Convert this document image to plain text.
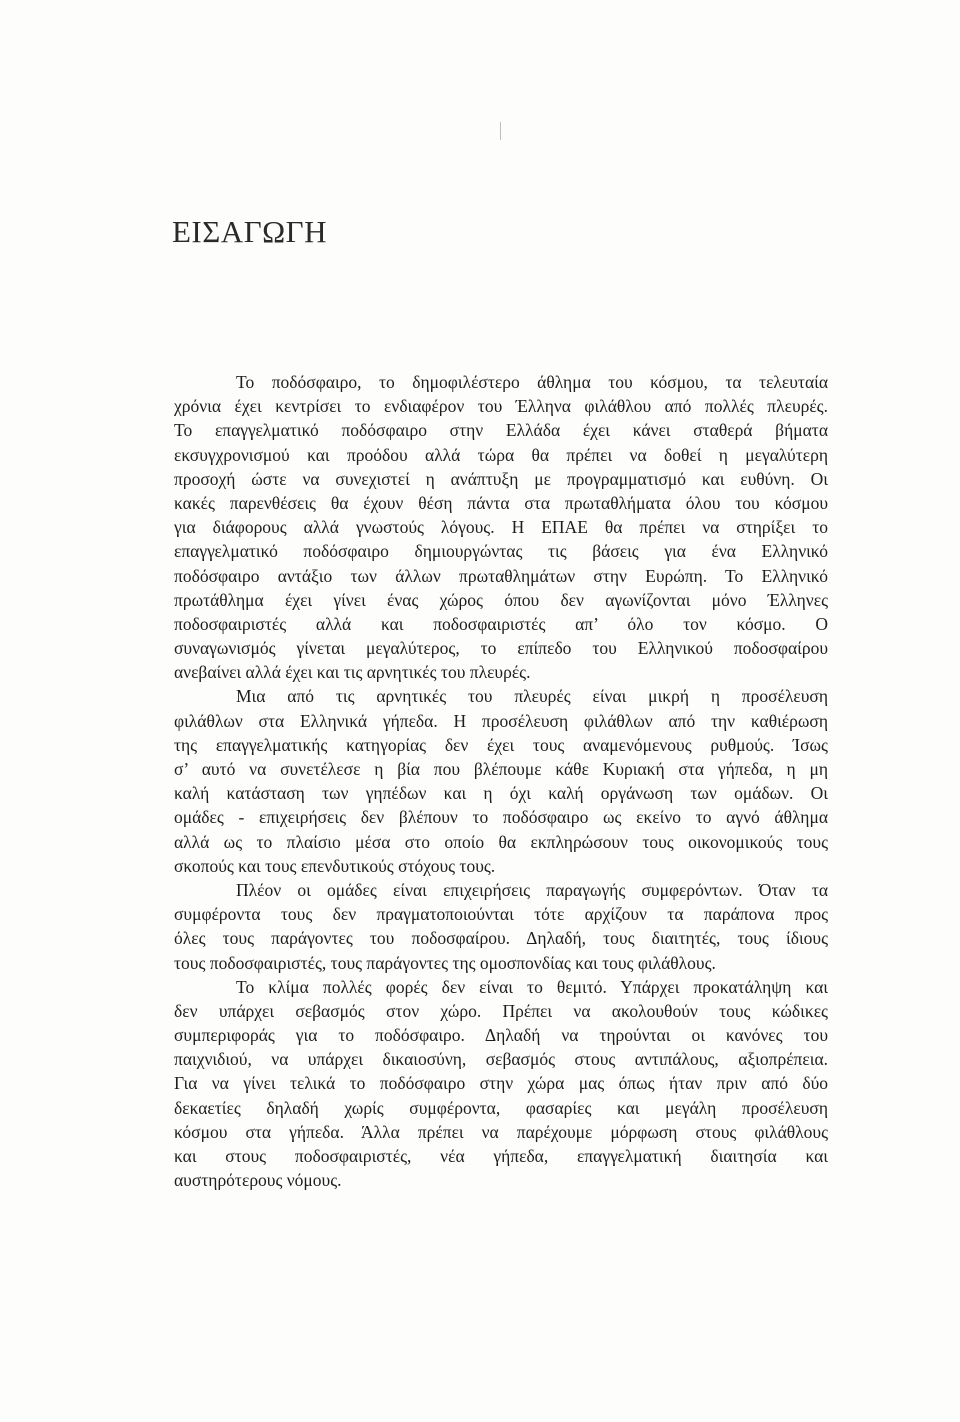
ΕΙΣΑΓΩΓΗ
Το ποδόσφαιρο, το δημοφιλέστερο άθλημα του κόσμου, τα τελευταία
χρόνια έχει κεντρίσει το ενδιαφέρον του Έλληνα φιλάθλου από πολλές πλευρές.
Το επαγγελματικό ποδόσφαιρο στην Ελλάδα έχει κάνει σταθερά βήματα
εκσυγχρονισμού και προόδου αλλά τώρα θα πρέπει να δοθεί η μεγαλύτερη
προσοχή ώστε να συνεχιστεί η ανάπτυξη με προγραμματισμό και ευθύνη. Οι
κακές παρενθέσεις θα έχουν θέση πάντα στα πρωταθλήματα όλου του κόσμου
για διάφορους αλλά γνωστούς λόγους. Η ΕΠΑΕ θα πρέπει να στηρίξει το
επαγγελματικό ποδόσφαιρο δημιουργώντας τις βάσεις για ένα Ελληνικό
ποδόσφαιρο αντάξιο των άλλων πρωταθλημάτων στην Ευρώπη. Το Ελληνικό
πρωτάθλημα έχει γίνει ένας χώρος όπου δεν αγωνίζονται μόνο Έλληνες
ποδοσφαιριστές αλλά και ποδοσφαιριστές απ’ όλο τον κόσμο. Ο
συναγωνισμός γίνεται μεγαλύτερος, το επίπεδο του Ελληνικού ποδοσφαίρου
ανεβαίνει αλλά έχει και τις αρνητικές του πλευρές.
Μια από τις αρνητικές του πλευρές είναι μικρή η προσέλευση
φιλάθλων στα Ελληνικά γήπεδα. Η προσέλευση φιλάθλων από την καθιέρωση
της επαγγελματικής κατηγορίας δεν έχει τους αναμενόμενους ρυθμούς. Ίσως
σ’ αυτό να συνετέλεσε η βία που βλέπουμε κάθε Κυριακή στα γήπεδα, η μη
καλή κατάσταση των γηπέδων και η όχι καλή οργάνωση των ομάδων. Οι
ομάδες - επιχειρήσεις δεν βλέπουν το ποδόσφαιρο ως εκείνο το αγνό άθλημα
αλλά ως το πλαίσιο μέσα στο οποίο θα εκπληρώσουν τους οικονομικούς τους
σκοπούς και τους επενδυτικούς στόχους τους.
Πλέον οι ομάδες είναι επιχειρήσεις παραγωγής συμφερόντων. Όταν τα
συμφέροντα τους δεν πραγματοποιούνται τότε αρχίζουν τα παράπονα προς
όλες τους παράγοντες του ποδοσφαίρου. Δηλαδή, τους διαιτητές, τους ίδιους
τους ποδοσφαιριστές, τους παράγοντες της ομοσπονδίας και τους φιλάθλους.
Το κλίμα πολλές φορές δεν είναι το θεμιτό. Υπάρχει προκατάληψη και
δεν υπάρχει σεβασμός στον χώρο. Πρέπει να ακολουθούν τους κώδικες
συμπεριφοράς για το ποδόσφαιρο. Δηλαδή να τηρούνται οι κανόνες του
παιχνιδιού, να υπάρχει δικαιοσύνη, σεβασμός στους αντιπάλους, αξιοπρέπεια.
Για να γίνει τελικά το ποδόσφαιρο στην χώρα μας όπως ήταν πριν από δύο
δεκαετίες δηλαδή χωρίς συμφέροντα, φασαρίες και μεγάλη προσέλευση
κόσμου στα γήπεδα. Άλλα πρέπει να παρέχουμε μόρφωση στους φιλάθλους
και στους ποδοσφαιριστές, νέα γήπεδα, επαγγελματική διαιτησία και
αυστηρότερους νόμους.
